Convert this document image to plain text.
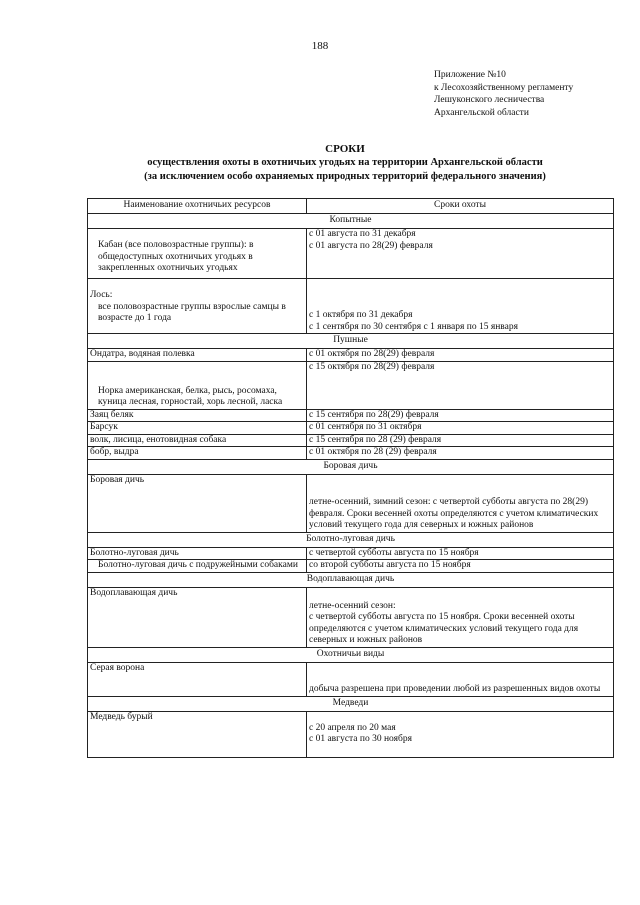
188
Приложение №10
к Лесохозяйственному регламенту
Лешуконского лесничества
Архангельской области
СРОКИ
осуществления охоты в охотничьих угодьях на территории Архангельской области
(за исключением особо охраняемых природных территорий федерального значения)
Наименование охотничьих ресурсов	Сроки охоты
Копытные	

Кабан (все половозрастные группы): в общедоступных охотничьих угодьях в закрепленных охотничьих угодьях	с 01 августа по 31 декабря
с 01 августа по 28(29) февраля

Лось:
все половозрастные группы взрослые самцы в возрасте до 1 года	с 1 октября по 31 декабря
с 1 сентября по 30 сентября с 1 января по 15 января

Пушные	

Ондатра, водяная полевка	с 01 октября по 28(29) февраля

Норка американская, белка, рысь, росомаха, куница лесная, горностай, хорь лесной, ласка	с 15 октября по 28(29) февраля

Заяц беляк	с 15 сентября по 28(29) февраля

Барсук	с 01 сентября по 31 октября

волк, лисица, енотовидная собака	с 15 сентября по 28 (29) февраля

бобр, выдра	с 01 октября по 28 (29) февраля

Боровая дичь	

Боровая дичь	летне-осенний, зимний сезон: с четвертой субботы августа по 28(29) февраля. Сроки весенней охоты определяются с учетом климатических условий текущего года для северных и южных районов

Болотно-луговая дичь	

Болотно-луговая дичь	с четвертой субботы августа по 15 ноября

Болотно-луговая дичь с подружейными собаками	со второй субботы августа по 15 ноября

Водоплавающая дичь	

Водоплавающая дичь	летне-осенний сезон:
с четвертой субботы августа по 15 ноября. Сроки весенней охоты определяются с учетом климатических условий текущего года для северных и южных районов

Охотничьи виды	

Серая ворона	добыча разрешена при проведении любой из разрешенных видов охоты

Медведи	

Медведь бурый	с 20 апреля по 20 мая
с 01 августа по 30 ноября
